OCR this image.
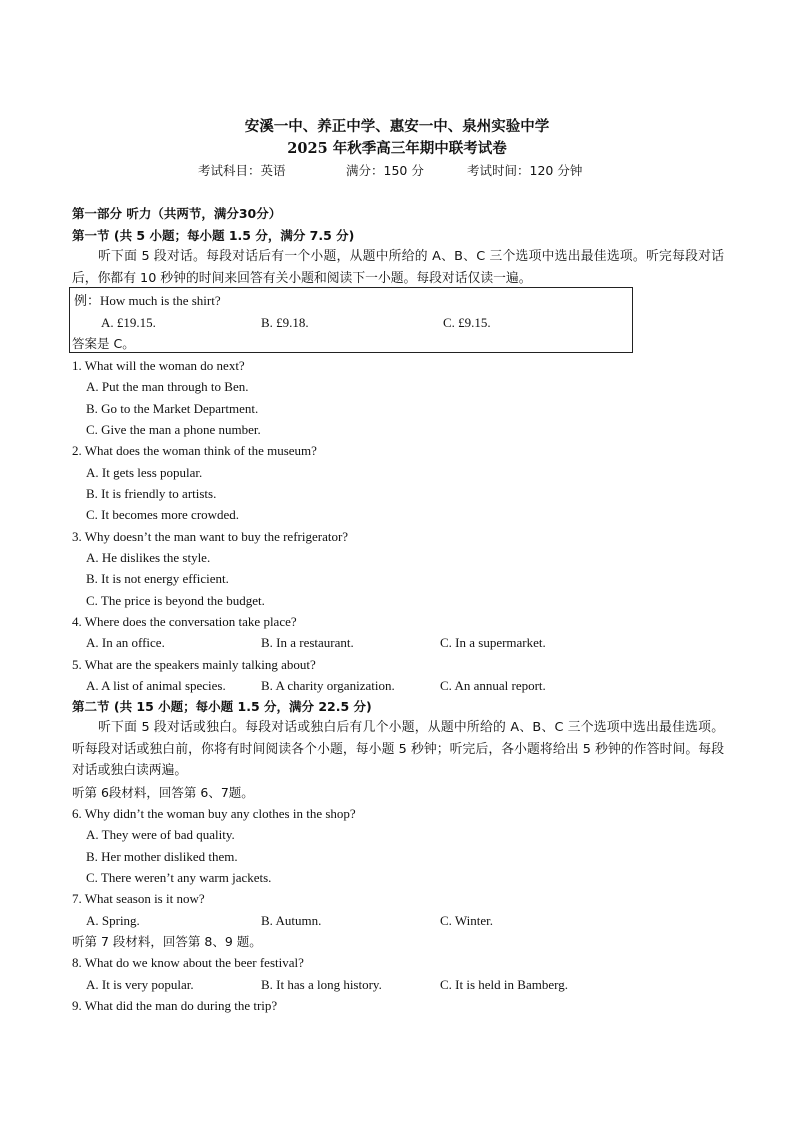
安溪一中、养正中学、惠安一中、泉州实验中学
2025 年秋季高三年期中联考试卷
考试科目：英语	满分：150 分	考试时间：120 分钟
第一部分 听力（共两节，满分30分）
第一节 (共 5 小题；每小题 1.5 分，满分 7.5 分)
听下面 5 段对话。每段对话后有一个小题，从题中所给的 A、B、C 三个选项中选出最佳选项。听完每段对话后，你都有 10 秒钟的时间来回答有关小题和阅读下一小题。每段对话仅读一遍。
例：How much is the shirt?
A. £19.15.	B. £9.18.	C. £9.15.
答案是 C。
1. What will the woman do next?
A. Put the man through to Ben.
B. Go to the Market Department.
C. Give the man a phone number.
2. What does the woman think of the museum?
A. It gets less popular.
B. It is friendly to artists.
C. It becomes more crowded.
3. Why doesn’t the man want to buy the refrigerator?
A. He dislikes the style.
B. It is not energy efficient.
C. The price is beyond the budget.
4. Where does the conversation take place?
A. In an office.	B. In a restaurant.	C. In a supermarket.
5. What are the speakers mainly talking about?
A. A list of animal species.	B. A charity organization.	C. An annual report.
第二节 (共 15 小题；每小题 1.5 分，满分 22.5 分)
听下面 5 段对话或独白。每段对话或独白后有几个小题，从题中所给的 A、B、C 三个选项中选出最佳选项。听每段对话或独白前，你将有时间阅读各个小题，每小题 5 秒钟；听完后，各小题将给出 5 秒钟的作答时间。每段对话或独白读两遍。
听第 6段材料，回答第 6、7题。
6. Why didn’t the woman buy any clothes in the shop?
A. They were of bad quality.
B. Her mother disliked them.
C. There weren’t any warm jackets.
7. What season is it now?
A. Spring.	B. Autumn.	C. Winter.
听第 7 段材料，回答第 8、9 题。
8. What do we know about the beer festival?
A. It is very popular.	B. It has a long history.	C. It is held in Bamberg.
9. What did the man do during the trip?
